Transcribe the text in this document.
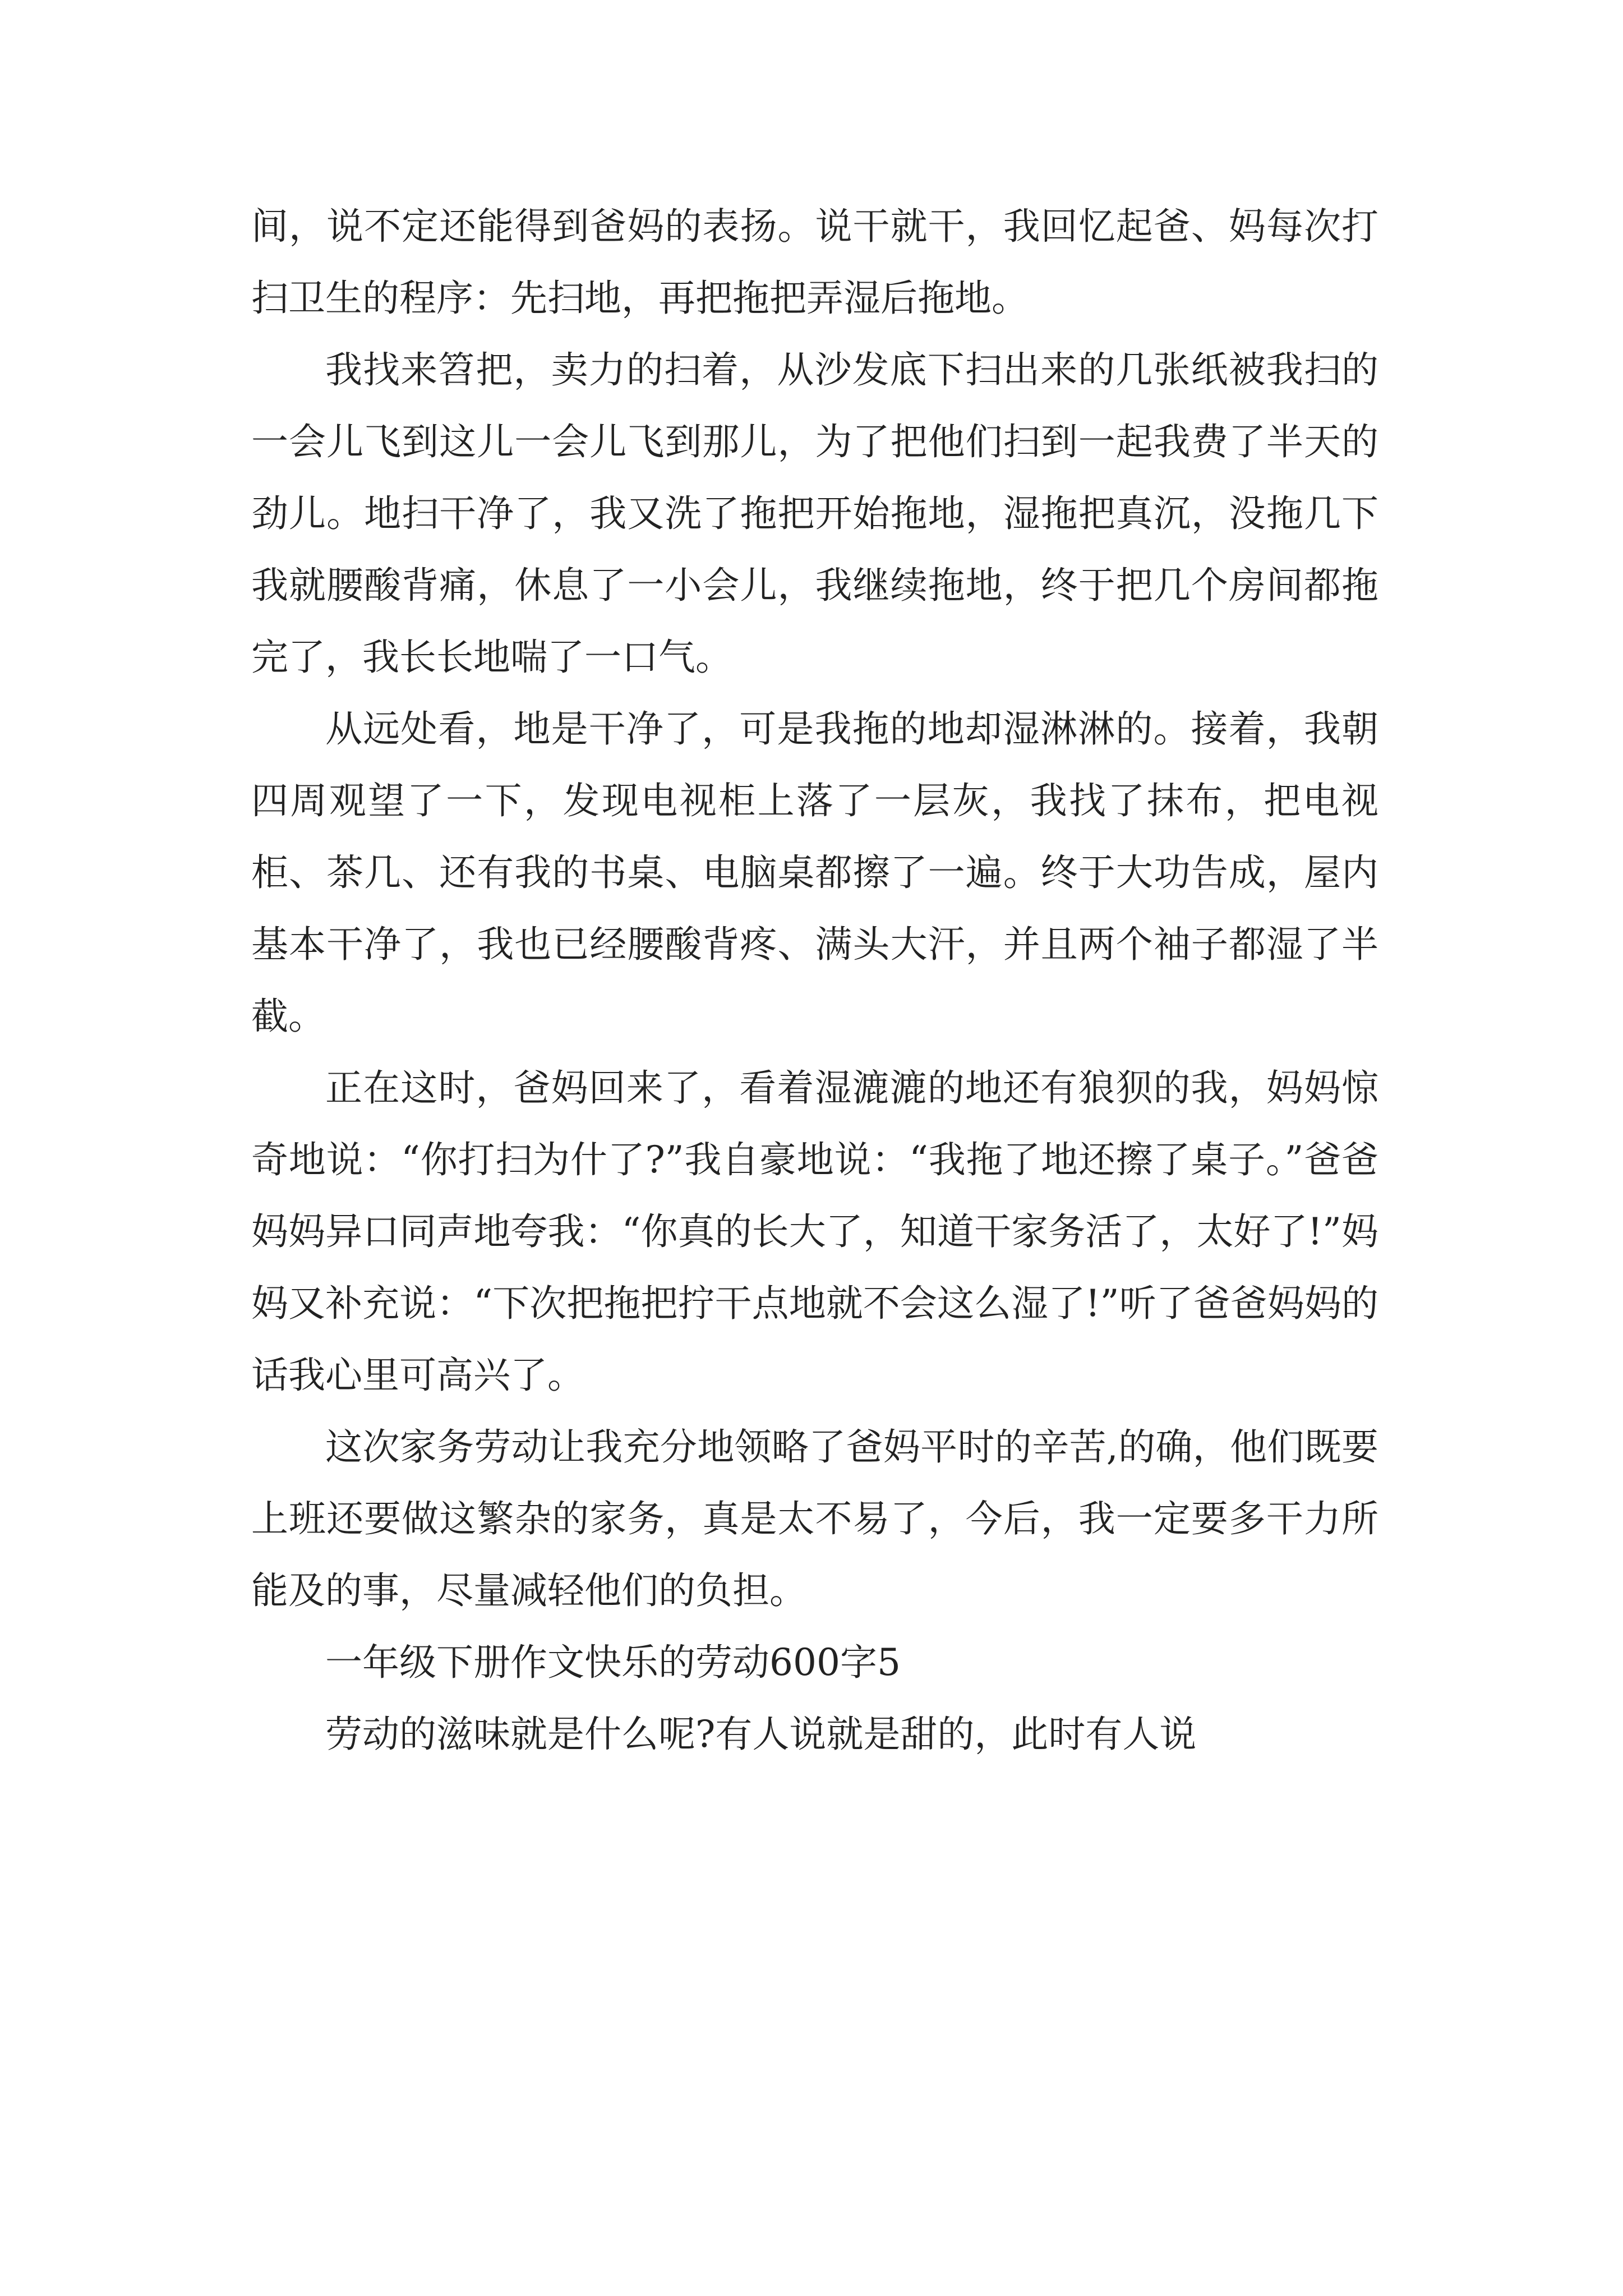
间，说不定还能得到爸妈的表扬。说干就干，我回忆起爸、妈每次打扫卫生的程序：先扫地，再把拖把弄湿后拖地。

我找来笤把，卖力的扫着，从沙发底下扫出来的几张纸被我扫的一会儿飞到这儿一会儿飞到那儿，为了把他们扫到一起我费了半天的劲儿。地扫干净了，我又洗了拖把开始拖地，湿拖把真沉，没拖几下我就腰酸背痛，休息了一小会儿，我继续拖地，终于把几个房间都拖完了，我长长地喘了一口气。

从远处看，地是干净了，可是我拖的地却湿淋淋的。接着，我朝四周观望了一下，发现电视柜上落了一层灰，我找了抹布，把电视柜、茶几、还有我的书桌、电脑桌都擦了一遍。终于大功告成，屋内基本干净了，我也已经腰酸背疼、满头大汗，并且两个袖子都湿了半截。

正在这时，爸妈回来了，看着湿漉漉的地还有狼狈的我，妈妈惊奇地说：“你打扫为什了?”我自豪地说：“我拖了地还擦了桌子。”爸爸妈妈异口同声地夸我：“你真的长大了，知道干家务活了，太好了!”妈妈又补充说：“下次把拖把拧干点地就不会这么湿了!”听了爸爸妈妈的话我心里可高兴了。

这次家务劳动让我充分地领略了爸妈平时的辛苦,的确，他们既要上班还要做这繁杂的家务，真是太不易了，今后，我一定要多干力所能及的事，尽量减轻他们的负担。

一年级下册作文快乐的劳动600字5

劳动的滋味就是什么呢?有人说就是甜的，此时有人说
